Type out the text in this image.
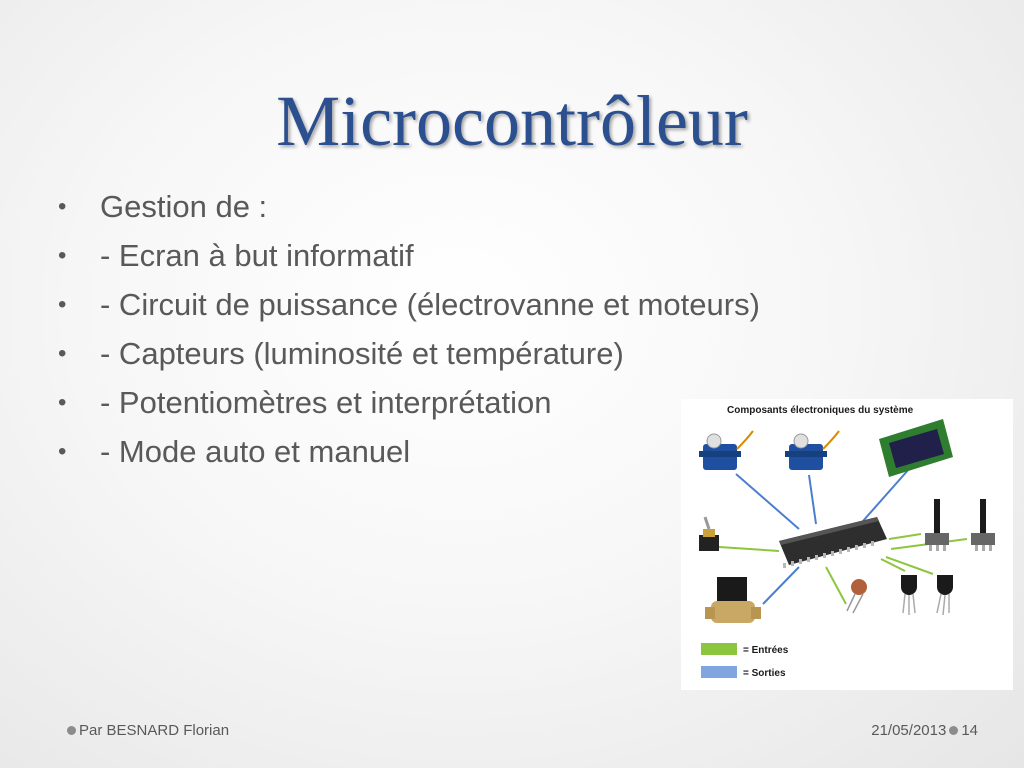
Microcontrôleur
• Gestion de :
• - Ecran à but informatif
• - Circuit de puissance (électrovanne et moteurs)
• - Capteurs (luminosité et température)
• - Potentiomètres et interprétation
• - Mode auto et manuel
Composants électroniques du système
= Entrées
= Sorties
Par BESNARD Florian	21/05/2013 14
